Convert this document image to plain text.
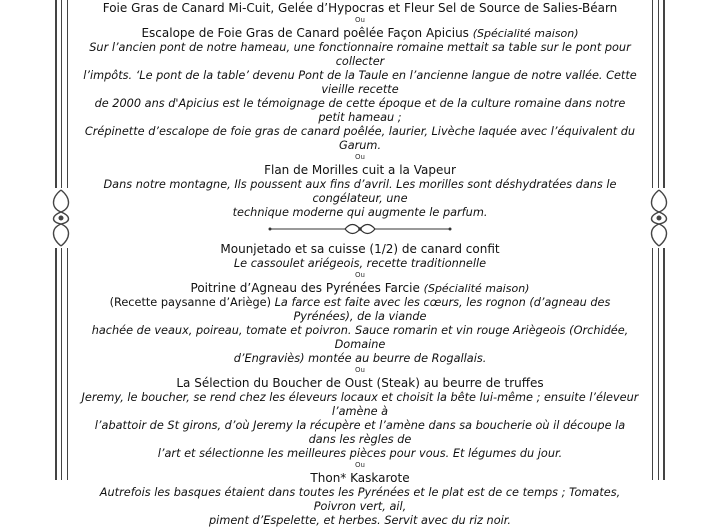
Foie Gras de Canard Mi-Cuit, Gelée d’Hypocras et Fleur Sel de Source de Salies-Béarn
Ou
Escalope de Foie Gras de Canard poêlée Façon Apicius (Spécialité maison)
Sur l’ancien pont de notre hameau, une fonctionnaire romaine mettait sa table sur le pont pour collecter
l’impôts. ‘Le pont de la table’ devenu Pont de la Taule en l’ancienne langue de notre vallée. Cette vieille recette
de 2000 ans d'Apicius est le témoignage de cette époque et de la culture romaine dans notre petit hameau ;
Crépinette d’escalope de foie gras de canard poêlée, laurier, Livèche laquée avec l’équivalent du Garum.
Ou
Flan de Morilles cuit a la Vapeur
Dans notre montagne, Ils poussent aux fins d’avril. Les morilles sont déshydratées dans le congélateur, une
technique moderne qui augmente le parfum.
Mounjetado et sa cuisse (1/2) de canard confit
Le cassoulet ariégeois, recette traditionnelle
Ou
Poitrine d’Agneau des Pyrénées Farcie (Spécialité maison)
(Recette paysanne d’Ariège) La farce est faite avec les cœurs, les rognon (d’agneau des Pyrénées), de la viande
hachée de veaux, poireau, tomate et poivron. Sauce romarin et vin rouge Ariègeois (Orchidée, Domaine
d’Engraviès) montée au beurre de Rogallais.
Ou
La Sélection du Boucher de Oust (Steak) au beurre de truffes
Jeremy, le boucher, se rend chez les éleveurs locaux et choisit la bête lui-même ; ensuite l’éleveur l’amène à
l’abattoir de St girons, d’où Jeremy la récupère et l’amène dans sa boucherie où il découpe la dans les règles de
l’art et sélectionne les meilleures pièces pour vous. Et légumes du jour.
Ou
Thon* Kaskarote
Autrefois les basques étaient dans toutes les Pyrénées et le plat est de ce temps ; Tomates, Poivron vert, ail,
piment d’Espelette, et herbes. Servit avec du riz noir.
